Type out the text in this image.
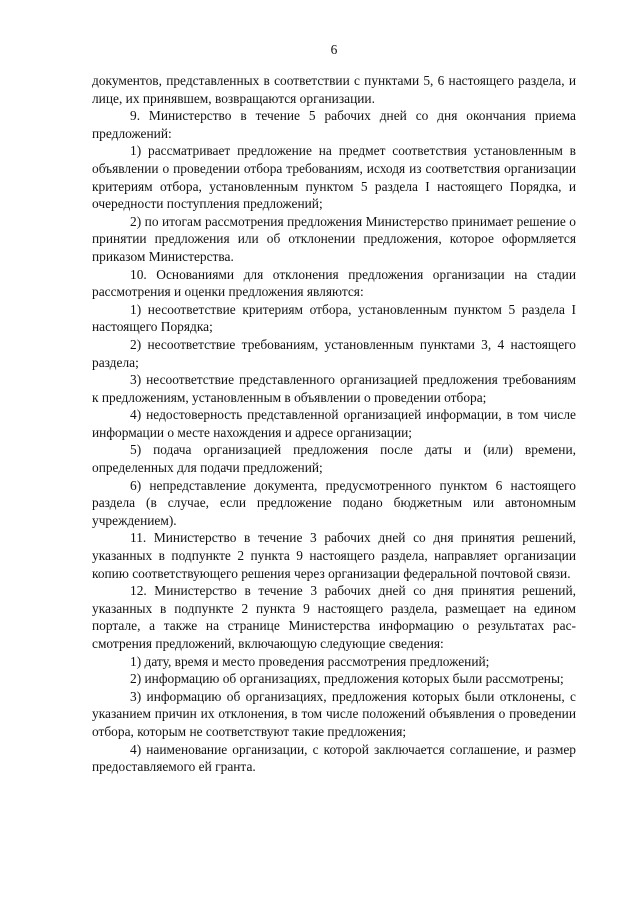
6

документов, представленных в соответствии с пунктами 5, 6 настоящего раздела, и лице, их принявшем, возвращаются организации.

9. Министерство в течение 5 рабочих дней со дня окончания приема предложений:

1) рассматривает предложение на предмет соответствия установленным в объявлении о проведении отбора требованиям, исходя из соответствия организации критериям отбора, установленным пунктом 5 раздела I настоящего Порядка, и очередности поступления предложений;

2) по итогам рассмотрения предложения Министерство принимает решение о принятии предложения или об отклонении предложения, которое оформляется приказом Министерства.

10. Основаниями для отклонения предложения организации на стадии рассмотрения и оценки предложения являются:

1) несоответствие критериям отбора, установленным пунктом 5 раздела I настоящего Порядка;

2) несоответствие требованиям, установленным пунктами 3, 4 настоящего раздела;

3) несоответствие представленного организацией предложения требованиям к предложениям, установленным в объявлении о проведении отбора;

4) недостоверность представленной организацией информации, в том числе информации о месте нахождения и адресе организации;

5) подача организацией предложения после даты и (или) времени, определенных для подачи предложений;

6) непредставление документа, предусмотренного пунктом 6 настоящего раздела (в случае, если предложение подано бюджетным или автономным учреждением).

11. Министерство в течение 3 рабочих дней со дня принятия решений, указанных в подпункте 2 пункта 9 настоящего раздела, направляет организации копию соответствующего решения через организации федеральной почтовой связи.

12. Министерство в течение 3 рабочих дней со дня принятия решений, указанных в подпункте 2 пункта 9 настоящего раздела, размещает на едином портале, а также на странице Министерства информацию о результатах рассмотрения предложений, включающую следующие сведения:

1) дату, время и место проведения рассмотрения предложений;

2) информацию об организациях, предложения которых были рассмотрены;

3) информацию об организациях, предложения которых были отклонены, с указанием причин их отклонения, в том числе положений объявления о проведении отбора, которым не соответствуют такие предложения;

4) наименование организации, с которой заключается соглашение, и размер предоставляемого ей гранта.
